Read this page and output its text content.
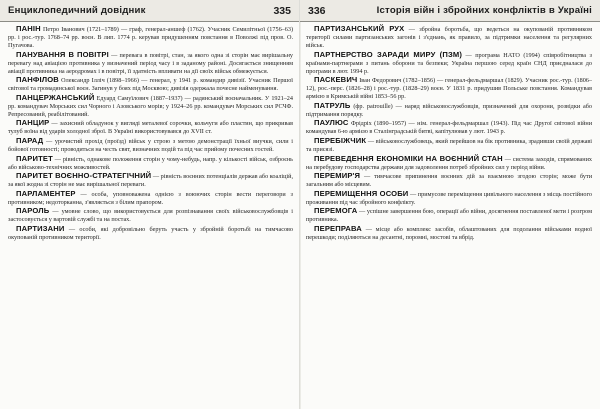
Енциклопедичний довідник	335

ПАНІН Петро Іванович (1721–1789) — граф, генерал-аншеф (1762). Учасник Семилітньої (1756–63) рр. і рос.-тур. 1768–74 рр. воєн. В лип. 1774 р. керував придушенням повстання в Поволжі під пров. О. Пугачова.

ПАНУВАННЯ В ПОВІТРІ — перевага в повітрі, стан, за якого одна зі сторін має вирішальну перевагу над авіацією противника у визначений період часу і в заданому районі. Досягається знищенням авіації противника на аеродромах і в повітрі, її здатність впливати на дії своїх військ обмежується.

ПАНФІЛОВ Олександр Ілліч (1898–1966) — генерал, у 1941 р. командир дивізії. Учасник Першої світової та громадянської воєн. Загинув у боях під Москвою; дивізія одержала почесне найменування.

ПАНЦЕРЖАНСЬКИЙ Едуард Самуїлович (1887–1937) — радянський воєначальник. У 1921–24 рр. командувач Морських сил Чорного і Азовського морів; у 1924–26 рр. командувач Морських сил РСЧФ. Репресований, реабілітований.

ПАНЦИР — захисний обладунок у вигляді металевої сорочки, кольчуги або пластин, що прикривав тулуб воїна від ударів холодної зброї. В Україні використовувався до XVII ст.

ПАРАД — урочистий прохід (проїзд) військ у строю з метою демонстрації їхньої виучки, сили і бойової готовності; проводиться на честь свят, визначних подій та під час прийому почесних гостей.

ПАРИТЕТ — рівність, однакове положення сторін у чому-небудь, напр. у кількості військ, озброєнь або військово-технічних можливостей.

ПАРИТЕТ ВОЄННО-СТРАТЕГІЧНИЙ — рівність воєнних потенціалів держав або коаліцій, за якої жодна зі сторін не має вирішальної переваги.

ПАРЛАМЕНТЕР — особа, уповноважена однією з воюючих сторін вести переговори з противником; недоторканна, з'являється з білим прапором.

ПАРОЛЬ — умовне слово, що використовується для розпізнавання своїх військовослужбовців і застосовується у вартовій службі та на постах.

ПАРТИЗАНИ — особи, які добровільно беруть участь у збройній боротьбі на тимчасово окупованій противником території.

336	Історія війн і збройних конфліктів в Україні

ПАРТИЗАНСЬКИЙ РУХ — збройна боротьба, що ведеться на окупованій противником території силами партизанських загонів і з'єднань, як правило, за підтримки населення та регулярних військ.

ПАРТНЕРСТВО ЗАРАДИ МИРУ (ПЗМ) — програма НАТО (1994) співробітництва з країнами-партнерами з питань оборони та безпеки; Україна першою серед країн СНД приєдналася до програми в лют. 1994 р.

ПАСКЕВИЧ Іван Федорович (1782–1856) — генерал-фельдмаршал (1829). Учасник рос.-тур. (1806–12), рос.-перс. (1826–28) і рос.-тур. (1828–29) воєн. У 1831 р. придушив Польське повстання. Командував армією в Кримській війні 1853–56 рр.

ПАТРУЛЬ (фр. patrouille) — наряд військовослужбовців, призначений для охорони, розвідки або підтримання порядку.

ПАУЛЮС Фрідріх (1890–1957) — нім. генерал-фельдмаршал (1943). Під час Другої світової війни командував 6-ю армією в Сталінградській битві, капітулював у лют. 1943 р.

ПЕРЕБІЖЧИК — військовослужбовець, який перейшов на бік противника, зрадивши своїй державі та присязі.

ПЕРЕВЕДЕННЯ ЕКОНОМІКИ НА ВОЄННИЙ СТАН — система заходів, спрямованих на перебудову господарства держави для задоволення потреб збройних сил у період війни.

ПЕРЕМИР'Я — тимчасове припинення воєнних дій за взаємною згодою сторін; може бути загальним або місцевим.

ПЕРЕМИЩЕННЯ ОСОБИ — примусове переміщення цивільного населення з місць постійного проживання під час збройного конфлікту.

ПЕРЕМОГА — успішне завершення бою, операції або війни, досягнення поставленої мети і розгром противника.

ПЕРЕПРАВА — місце або комплекс засобів, облаштованих для подолання військами водної перешкоди; поділяються на десантні, поромні, мостові та вбрід.
